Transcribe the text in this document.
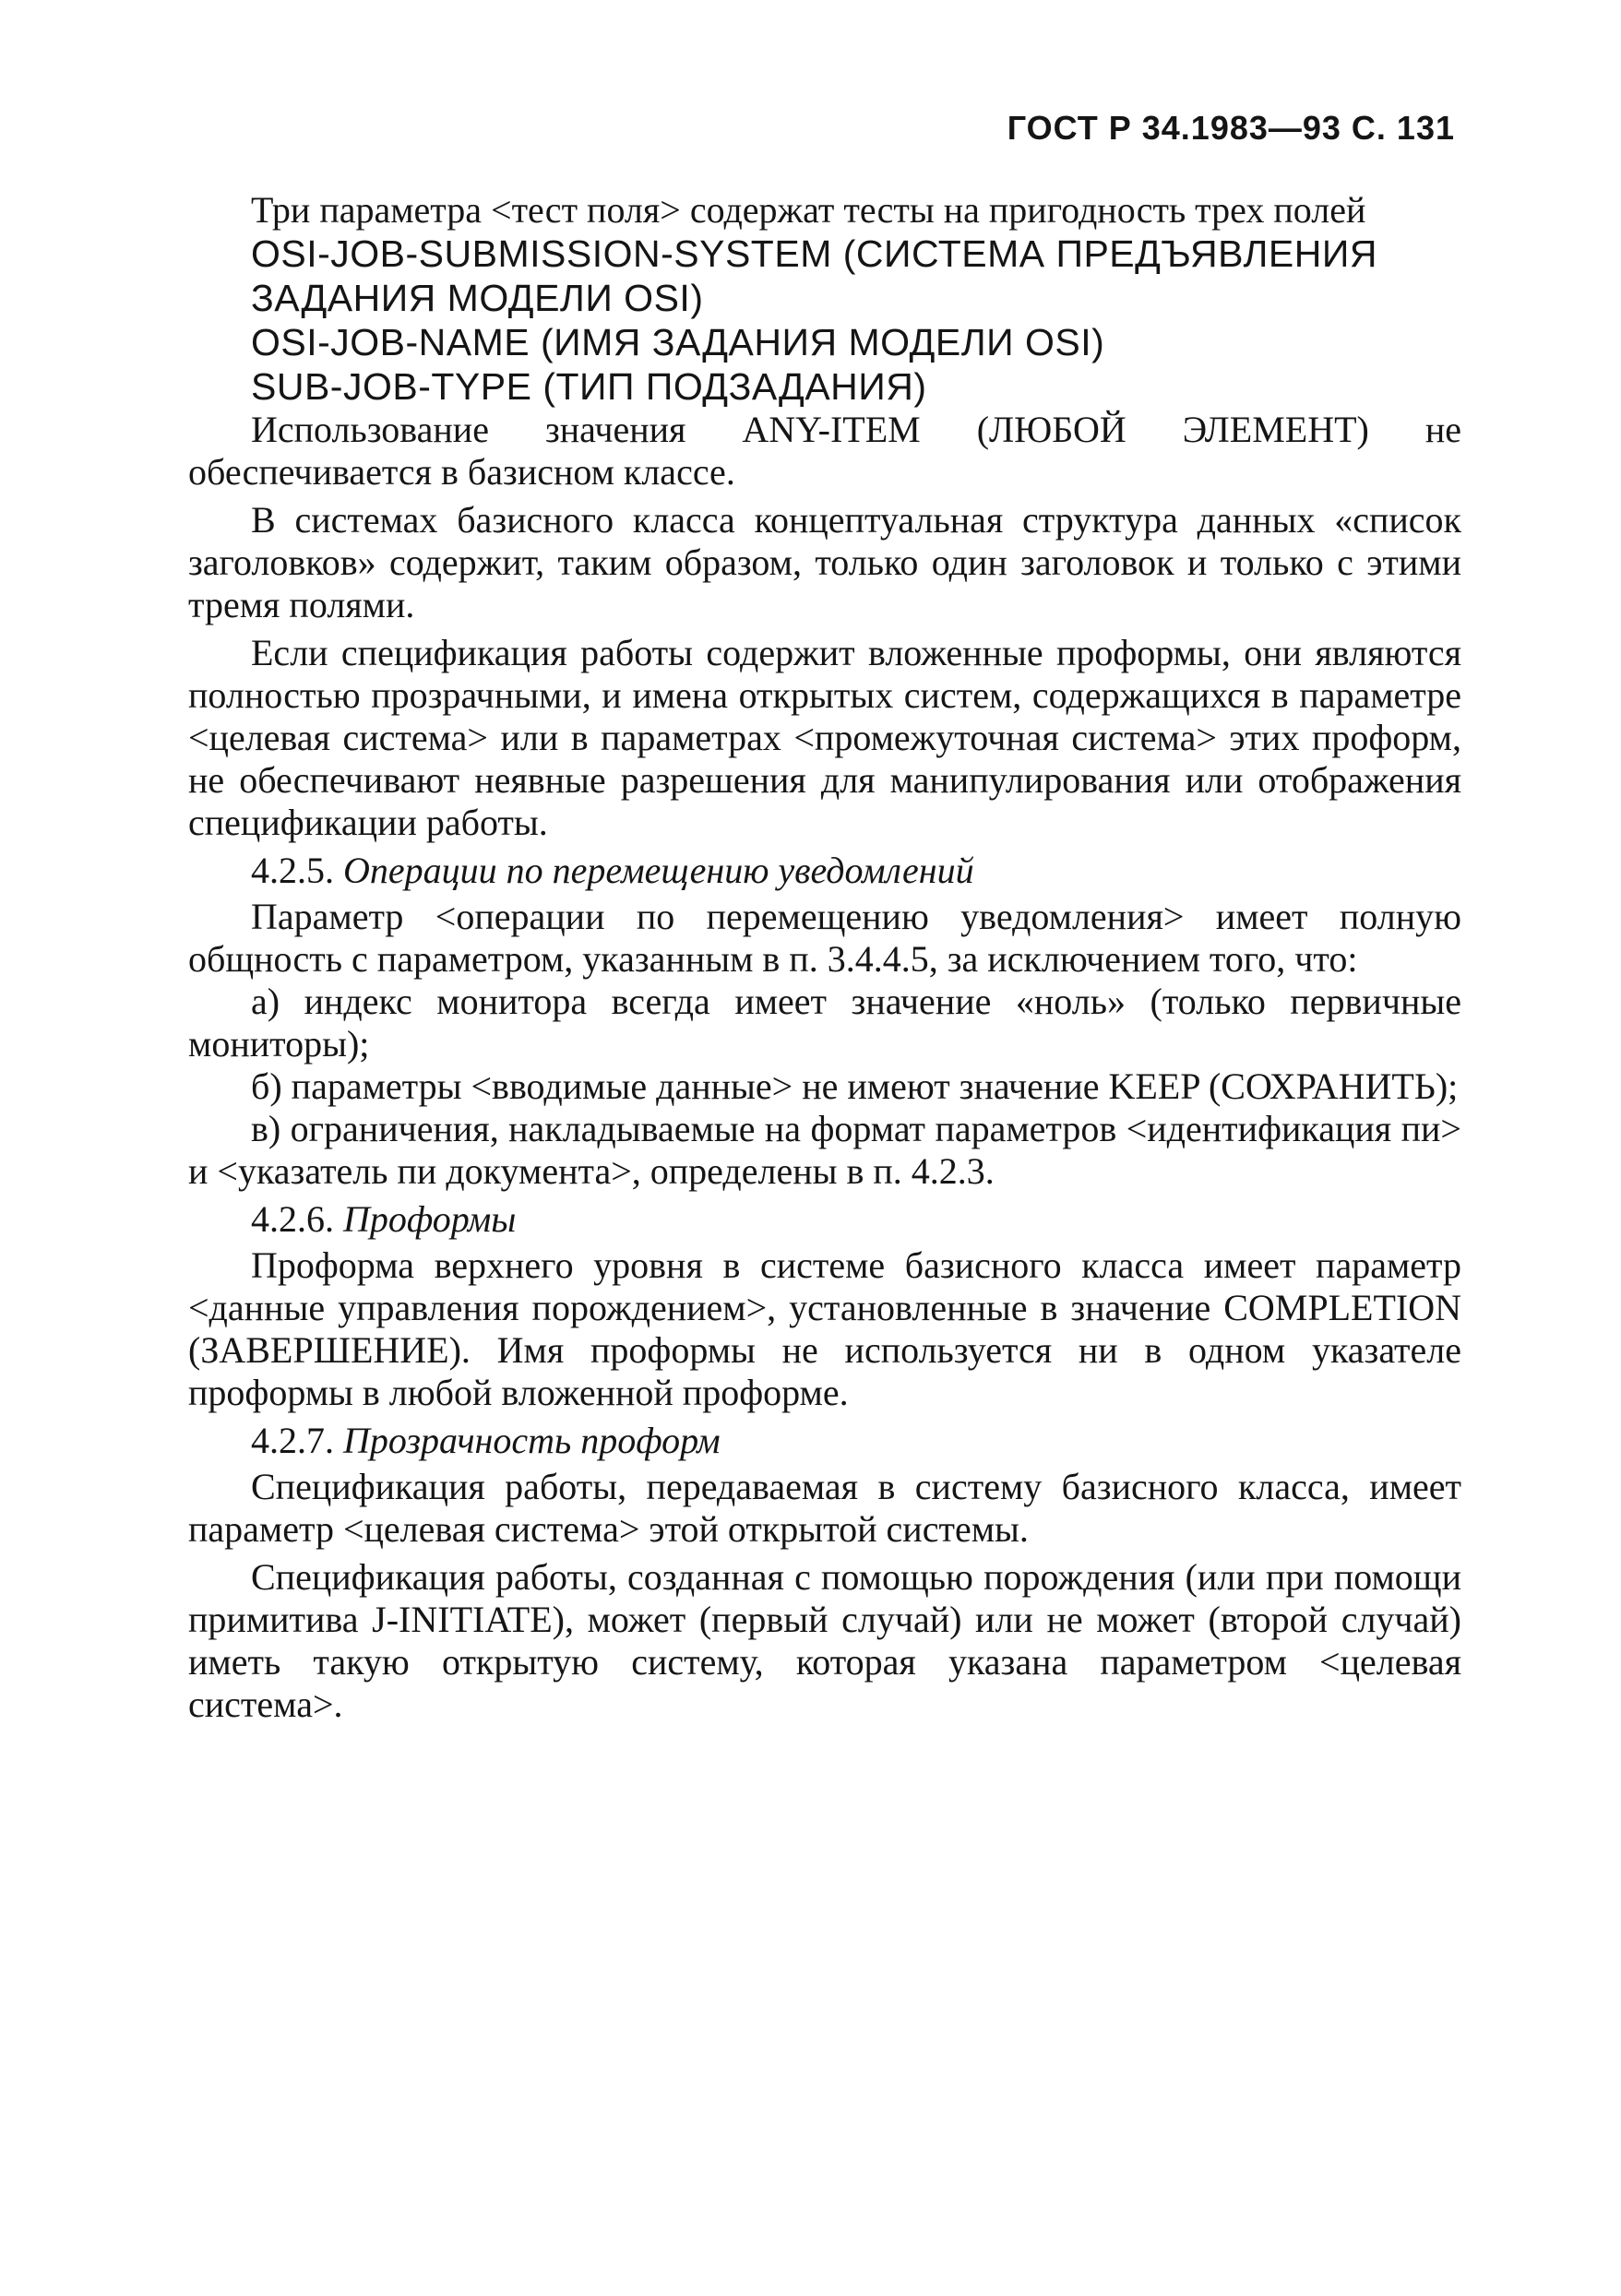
ГОСТ Р 34.1983—93 С. 131

Три параметра <тест поля> содержат тесты на пригодность трех полей

OSI-JOB-SUBMISSION-SYSTEM (СИСТЕМА ПРЕДЪЯВЛЕНИЯ ЗАДАНИЯ МОДЕЛИ OSI)

OSI-JOB-NAME (ИМЯ ЗАДАНИЯ МОДЕЛИ OSI)

SUB-JOB-TYPE (ТИП ПОДЗАДАНИЯ)

Использование значения ANY-ITEM (ЛЮБОЙ ЭЛЕМЕНТ) не обеспечивается в базисном классе.

В системах базисного класса концептуальная структура данных «список заголовков» содержит, таким образом, только один заголовок и только с этими тремя полями.

Если спецификация работы содержит вложенные проформы, они являются полностью прозрачными, и имена открытых систем, содержащихся в параметре <целевая система> или в параметрах <промежуточная система> этих проформ, не обеспечивают неявные разрешения для манипулирования или отображения спецификации работы.

4.2.5. Операции по перемещению уведомлений

Параметр <операции по перемещению уведомления> имеет полную общность с параметром, указанным в п. 3.4.4.5, за исключением того, что:

а) индекс монитора всегда имеет значение «ноль» (только первичные мониторы);

б) параметры <вводимые данные> не имеют значение KEEP (СОХРАНИТЬ);

в) ограничения, накладываемые на формат параметров <идентификация пи> и <указатель пи документа>, определены в п. 4.2.3.

4.2.6. Проформы

Проформа верхнего уровня в системе базисного класса имеет параметр <данные управления порождением>, установленные в значение COMPLETION (ЗАВЕРШЕНИЕ). Имя проформы не используется ни в одном указателе проформы в любой вложенной проформе.

4.2.7. Прозрачность проформ

Спецификация работы, передаваемая в систему базисного класса, имеет параметр <целевая система> этой открытой системы.

Спецификация работы, созданная с помощью порождения (или при помощи примитива J-INITIATE), может (первый случай) или не может (второй случай) иметь такую открытую систему, которая указана параметром <целевая система>.
